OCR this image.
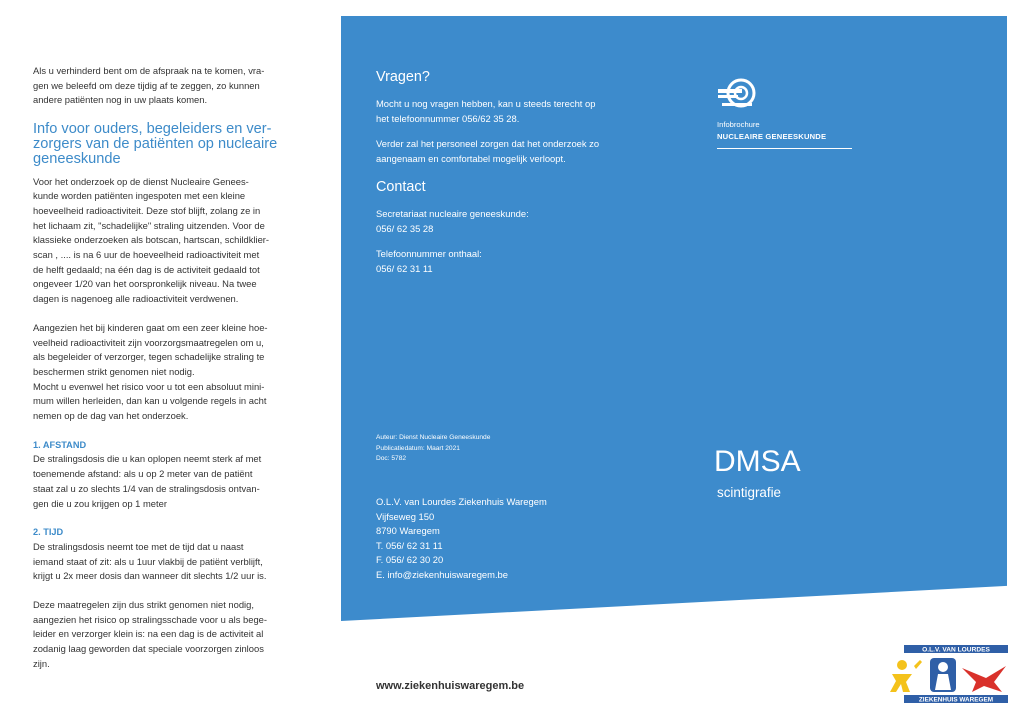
Als u verhinderd bent om de afspraak na te komen, vra-
gen we beleefd om deze tijdig af te zeggen, zo kunnen
andere patiënten nog in uw plaats komen.

Info voor ouders, begeleiders en ver-
zorgers van de patiënten op nucleaire
geneeskunde

Voor het onderzoek op de dienst Nucleaire Genees-
kunde worden patiënten ingespoten met een kleine
hoeveelheid radioactiviteit. Deze stof blijft, zolang ze in
het lichaam zit, "schadelijke" straling uitzenden. Voor de
klassieke onderzoeken als botscan, hartscan, schildklier-
scan , .... is na 6 uur de hoeveelheid radioactiviteit met
de helft gedaald; na één dag is de activiteit gedaald tot
ongeveer 1/20 van het oorspronkelijk niveau. Na twee
dagen is nagenoeg alle radioactiviteit verdwenen.

Aangezien het bij kinderen gaat om een zeer kleine hoe-
veelheid radioactiviteit zijn voorzorgsmaatregelen om u,
als begeleider of verzorger, tegen schadelijke straling te
beschermen strikt genomen niet nodig.
Mocht u evenwel het risico voor u tot een absoluut mini-
mum willen herleiden, dan kan u volgende regels in acht
nemen op de dag van het onderzoek.

1. AFSTAND

De stralingsdosis die u kan oplopen neemt sterk af met
toenemende afstand: als u op 2 meter van de patiënt
staat zal u zo slechts 1/4 van de stralingsdosis ontvan-
gen die u zou krijgen op 1 meter

2. TIJD

De stralingsdosis neemt toe met de tijd dat u naast
iemand staat of zit: als u 1uur vlakbij de patiënt verblijft,
krijgt u 2x meer dosis dan wanneer dit slechts 1/2 uur is.

Deze maatregelen zijn dus strikt genomen niet nodig,
aangezien het risico op stralingsschade voor u als bege-
leider en verzorger klein is: na een dag is de activiteit al
zodanig laag geworden dat speciale voorzorgen zinloos
zijn.

Vragen?

Mocht u nog vragen hebben, kan u steeds terecht op
het telefoonnummer 056/62 35 28.

Verder zal het personeel zorgen dat het onderzoek zo
aangenaam en comfortabel mogelijk verloopt.

Contact

Secretariaat nucleaire geneeskunde:
056/ 62 35 28

Telefoonnummer onthaal:
056/ 62 31 11

Auteur: Dienst Nucleaire Geneeskunde
Publicatiedatum: Maart 2021
Doc: 5782
O.L.V. van Lourdes Ziekenhuis Waregem
Vijfseweg 150
8790 Waregem
T. 056/ 62 31 11
F. 056/ 62 30 20
E. info@ziekenhuiswaregem.be
Infobrochure
NUCLEAIRE GENEESKUNDE
DMSA
scintigrafie
www.ziekenhuiswaregem.be
O.L.V. VAN LOURDES
ZIEKENHUIS WAREGEM
